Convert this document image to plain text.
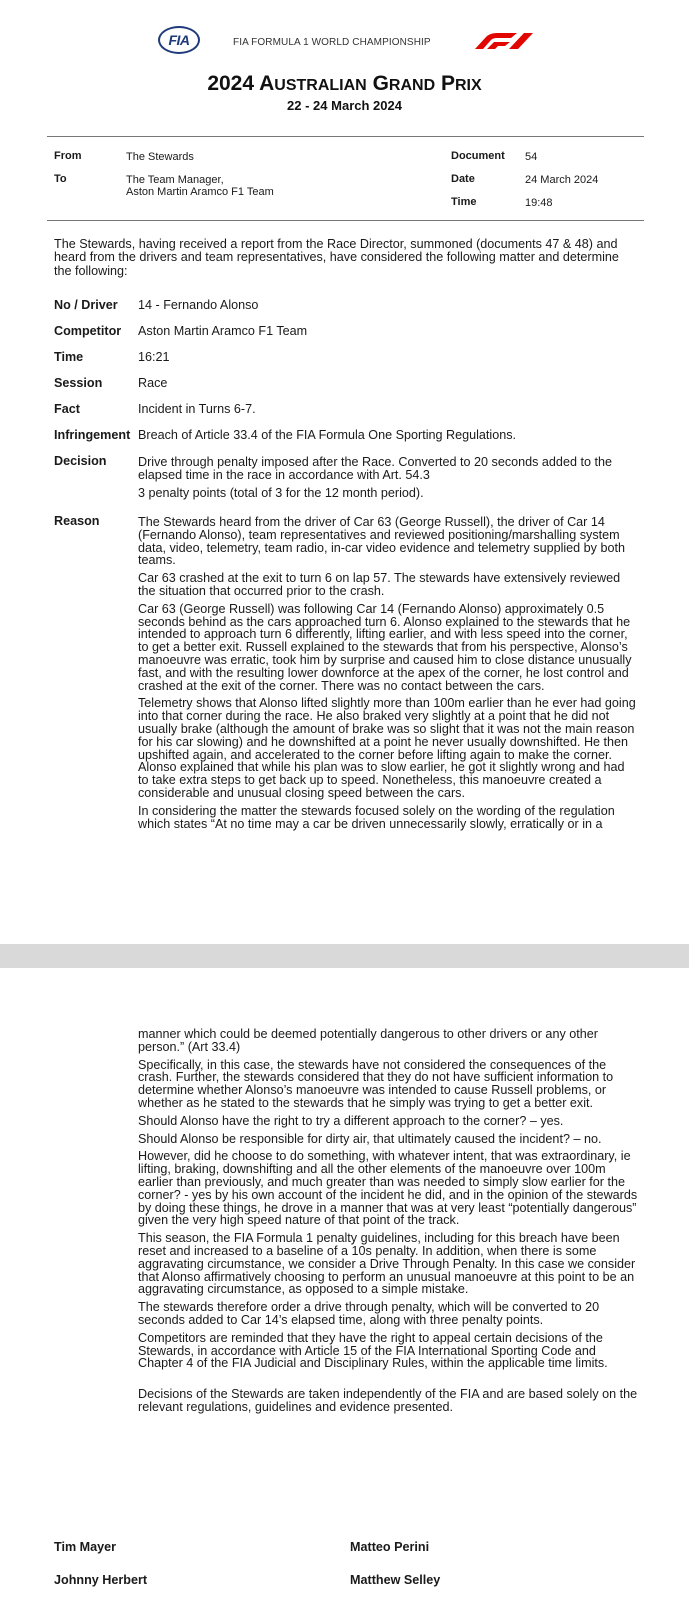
FIA	FIA FORMULA 1 WORLD CHAMPIONSHIP
2024 AUSTRALIAN GRAND PRIX
22 - 24 March 2024
From	The Stewards
To	The Team Manager,
Aston Martin Aramco F1 Team
Document 54
Date	24 March 2024
Time	19:48
The Stewards, having received a report from the Race Director, summoned (documents 47 & 48) and heard from the drivers and team representatives, have considered the following matter and determine the following:
No / Driver 14 - Fernando Alonso
Competitor Aston Martin Aramco F1 Team
Time	16:21
Session	Race
Fact	Incident in Turns 6-7.
Infringement Breach of Article 33.4 of the FIA Formula One Sporting Regulations.
Decision	Drive through penalty imposed after the Race. Converted to 20 seconds added to the elapsed time in the race in accordance with Art. 54.3

3 penalty points (total of 3 for the 12 month period).

Reason	The Stewards heard from the driver of Car 63 (George Russell), the driver of Car 14 (Fernando Alonso), team representatives and reviewed positioning/marshalling system data, video, telemetry, team radio, in-car video evidence and telemetry supplied by both teams.

Car 63 crashed at the exit to turn 6 on lap 57. The stewards have extensively reviewed the situation that occurred prior to the crash.

Car 63 (George Russell) was following Car 14 (Fernando Alonso) approximately 0.5 seconds behind as the cars approached turn 6. Alonso explained to the stewards that he intended to approach turn 6 differently, lifting earlier, and with less speed into the corner, to get a better exit. Russell explained to the stewards that from his perspective, Alonso’s manoeuvre was erratic, took him by surprise and caused him to close distance unusually fast, and with the resulting lower downforce at the apex of the corner, he lost control and crashed at the exit of the corner. There was no contact between the cars.

Telemetry shows that Alonso lifted slightly more than 100m earlier than he ever had going into that corner during the race. He also braked very slightly at a point that he did not usually brake (although the amount of brake was so slight that it was not the main reason for his car slowing) and he downshifted at a point he never usually downshifted. He then upshifted again, and accelerated to the corner before lifting again to make the corner. Alonso explained that while his plan was to slow earlier, he got it slightly wrong and had to take extra steps to get back up to speed. Nonetheless, this manoeuvre created a considerable and unusual closing speed between the cars.

In considering the matter the stewards focused solely on the wording of the regulation which states “At no time may a car be driven unnecessarily slowly, erratically or in a

manner which could be deemed potentially dangerous to other drivers or any other person.” (Art 33.4)

Specifically, in this case, the stewards have not considered the consequences of the crash. Further, the stewards considered that they do not have sufficient information to determine whether Alonso’s manoeuvre was intended to cause Russell problems, or whether as he stated to the stewards that he simply was trying to get a better exit.

Should Alonso have the right to try a different approach to the corner? – yes.

Should Alonso be responsible for dirty air, that ultimately caused the incident? – no.

However, did he choose to do something, with whatever intent, that was extraordinary, ie lifting, braking, downshifting and all the other elements of the manoeuvre over 100m earlier than previously, and much greater than was needed to simply slow earlier for the corner? - yes by his own account of the incident he did, and in the opinion of the stewards by doing these things, he drove in a manner that was at very least “potentially dangerous” given the very high speed nature of that point of the track.

This season, the FIA Formula 1 penalty guidelines, including for this breach have been reset and increased to a baseline of a 10s penalty. In addition, when there is some aggravating circumstance, we consider a Drive Through Penalty. In this case we consider that Alonso affirmatively choosing to perform an unusual manoeuvre at this point to be an aggravating circumstance, as opposed to a simple mistake.

The stewards therefore order a drive through penalty, which will be converted to 20 seconds added to Car 14’s elapsed time, along with three penalty points.

Competitors are reminded that they have the right to appeal certain decisions of the Stewards, in accordance with Article 15 of the FIA International Sporting Code and Chapter 4 of the FIA Judicial and Disciplinary Rules, within the applicable time limits.

Decisions of the Stewards are taken independently of the FIA and are based solely on the relevant regulations, guidelines and evidence presented.

Tim Mayer	Matteo Perini
Johnny Herbert	Matthew Selley
